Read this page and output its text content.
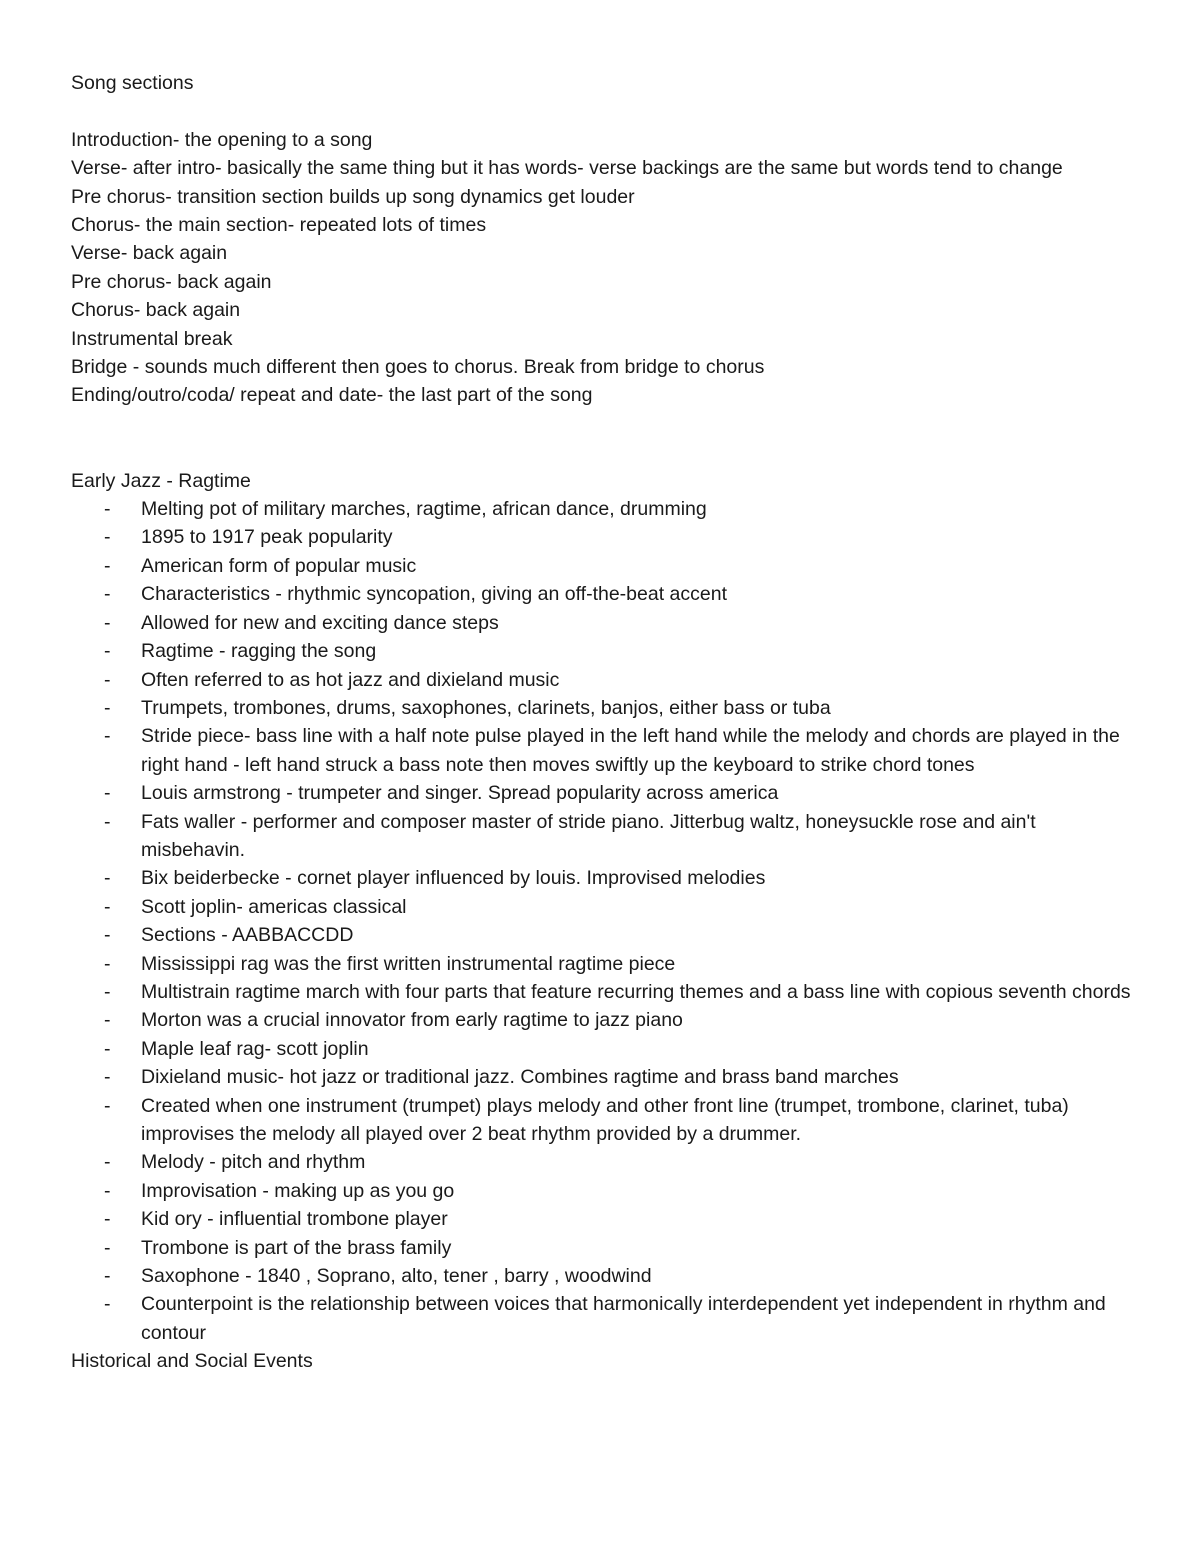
Song sections

Introduction- the opening to a song

Verse- after intro- basically the same thing but it has words- verse backings are the same but words tend to change

Pre chorus- transition section builds up song dynamics get louder

Chorus- the main section- repeated lots of times

Verse- back again

Pre chorus- back again

Chorus- back again

Instrumental break

Bridge - sounds much different then goes to chorus. Break from bridge to chorus

Ending/outro/coda/ repeat and date- the last part of the song

Early Jazz - Ragtime

- Melting pot of military marches, ragtime, african dance, drumming
- 1895 to 1917 peak popularity
- American form of popular music
- Characteristics - rhythmic syncopation, giving an off-the-beat accent
- Allowed for new and exciting dance steps
- Ragtime - ragging the song
- Often referred to as hot jazz and dixieland music
- Trumpets, trombones, drums, saxophones, clarinets, banjos, either bass or tuba
- Stride piece- bass line with a half note pulse played in the left hand while the melody and chords are played in the right hand - left hand struck a bass note then moves swiftly up the keyboard to strike chord tones
- Louis armstrong - trumpeter and singer. Spread popularity across america
- Fats waller - performer and composer master of stride piano. Jitterbug waltz, honeysuckle rose and ain't misbehavin.
- Bix beiderbecke - cornet player influenced by louis. Improvised melodies
- Scott joplin- americas classical
- Sections - AABBACCDD
- Mississippi rag was the first written instrumental ragtime piece
- Multistrain ragtime march with four parts that feature recurring themes and a bass line with copious seventh chords
- Morton was a crucial innovator from early ragtime to jazz piano
- Maple leaf rag- scott joplin
- Dixieland music- hot jazz or traditional jazz. Combines ragtime and brass band marches
- Created when one instrument (trumpet) plays melody and other front line (trumpet, trombone, clarinet, tuba) improvises the melody all played over 2 beat rhythm provided by a drummer.
- Melody - pitch and rhythm
- Improvisation - making up as you go
- Kid ory - influential trombone player
- Trombone is part of the brass family
- Saxophone - 1840 , Soprano, alto, tener , barry , woodwind
- Counterpoint is the relationship between voices that harmonically interdependent yet independent in rhythm and contour

Historical and Social Events
